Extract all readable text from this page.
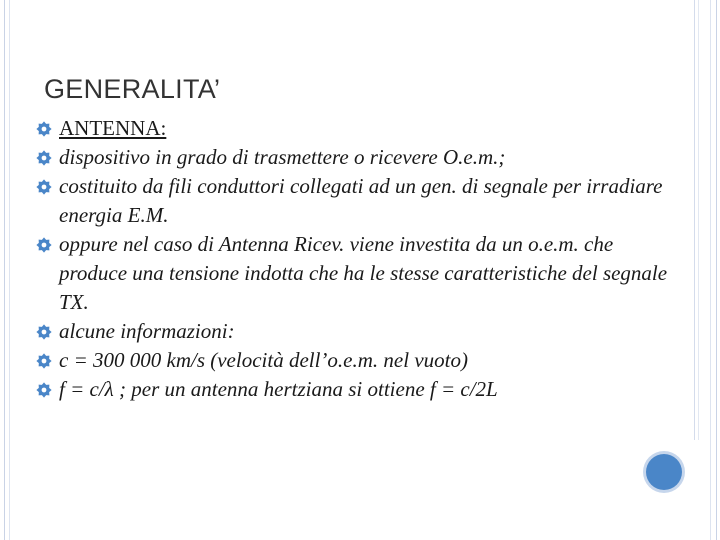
GENERALITA’
ANTENNA:
dispositivo in grado di trasmettere o ricevere O.e.m.;
costituito da fili conduttori collegati ad un gen. di segnale per irradiare energia E.M.
oppure nel caso di Antenna Ricev. viene investita da un o.e.m. che produce una tensione indotta che ha le stesse caratteristiche del segnale TX.
alcune informazioni:
c = 300 000 km/s (velocità dell’o.e.m. nel vuoto)
f = c/λ ; per un antenna hertziana si ottiene f = c/2L
